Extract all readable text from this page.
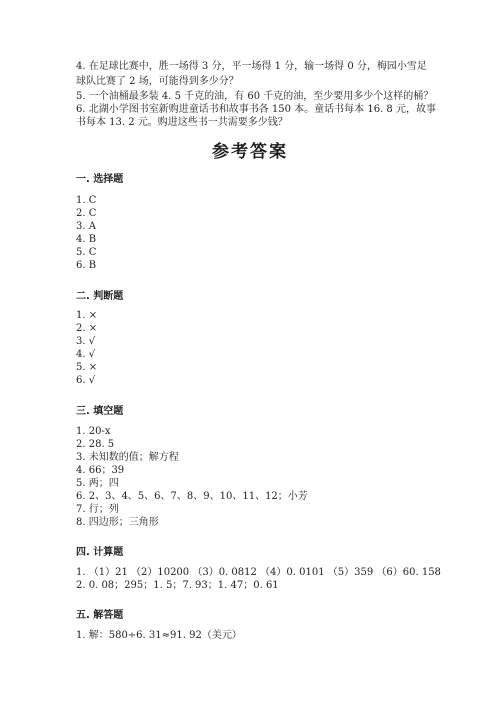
4. 在足球比赛中，胜一场得 3 分，平一场得 1 分，输一场得 0 分，梅园小雪足
球队比赛了 2 场，可能得到多少分？
5. 一个油桶最多装 4. 5 千克的油，有 60 千克的油，至少要用多少个这样的桶？
6. 北湖小学图书室新购进童话书和故事书各 150 本。童话书每本 16. 8 元，故事
书每本 13. 2 元。购进这些书一共需要多少钱？
参考答案
一. 选择题
1. C
2. C
3. A
4. B
5. C
6. B
二. 判断题
1. ×
2. ×
3. √
4. √
5. ×
6. √
三. 填空题
1. 20-x
2. 28. 5
3. 未知数的值；解方程
4. 66；39
5. 两；四
6. 2、3、4、5、6、7、8、9、10、11、12；小芳
7. 行；列
8. 四边形；三角形
四. 计算题
1. （1）21 （2）10200 （3）0. 0812 （4）0. 0101 （5）359 （6）60. 158
2. 0. 08；295；1. 5；7. 93；1. 47；0. 61
五. 解答题
1. 解：580÷6. 31≈91. 92（美元）
